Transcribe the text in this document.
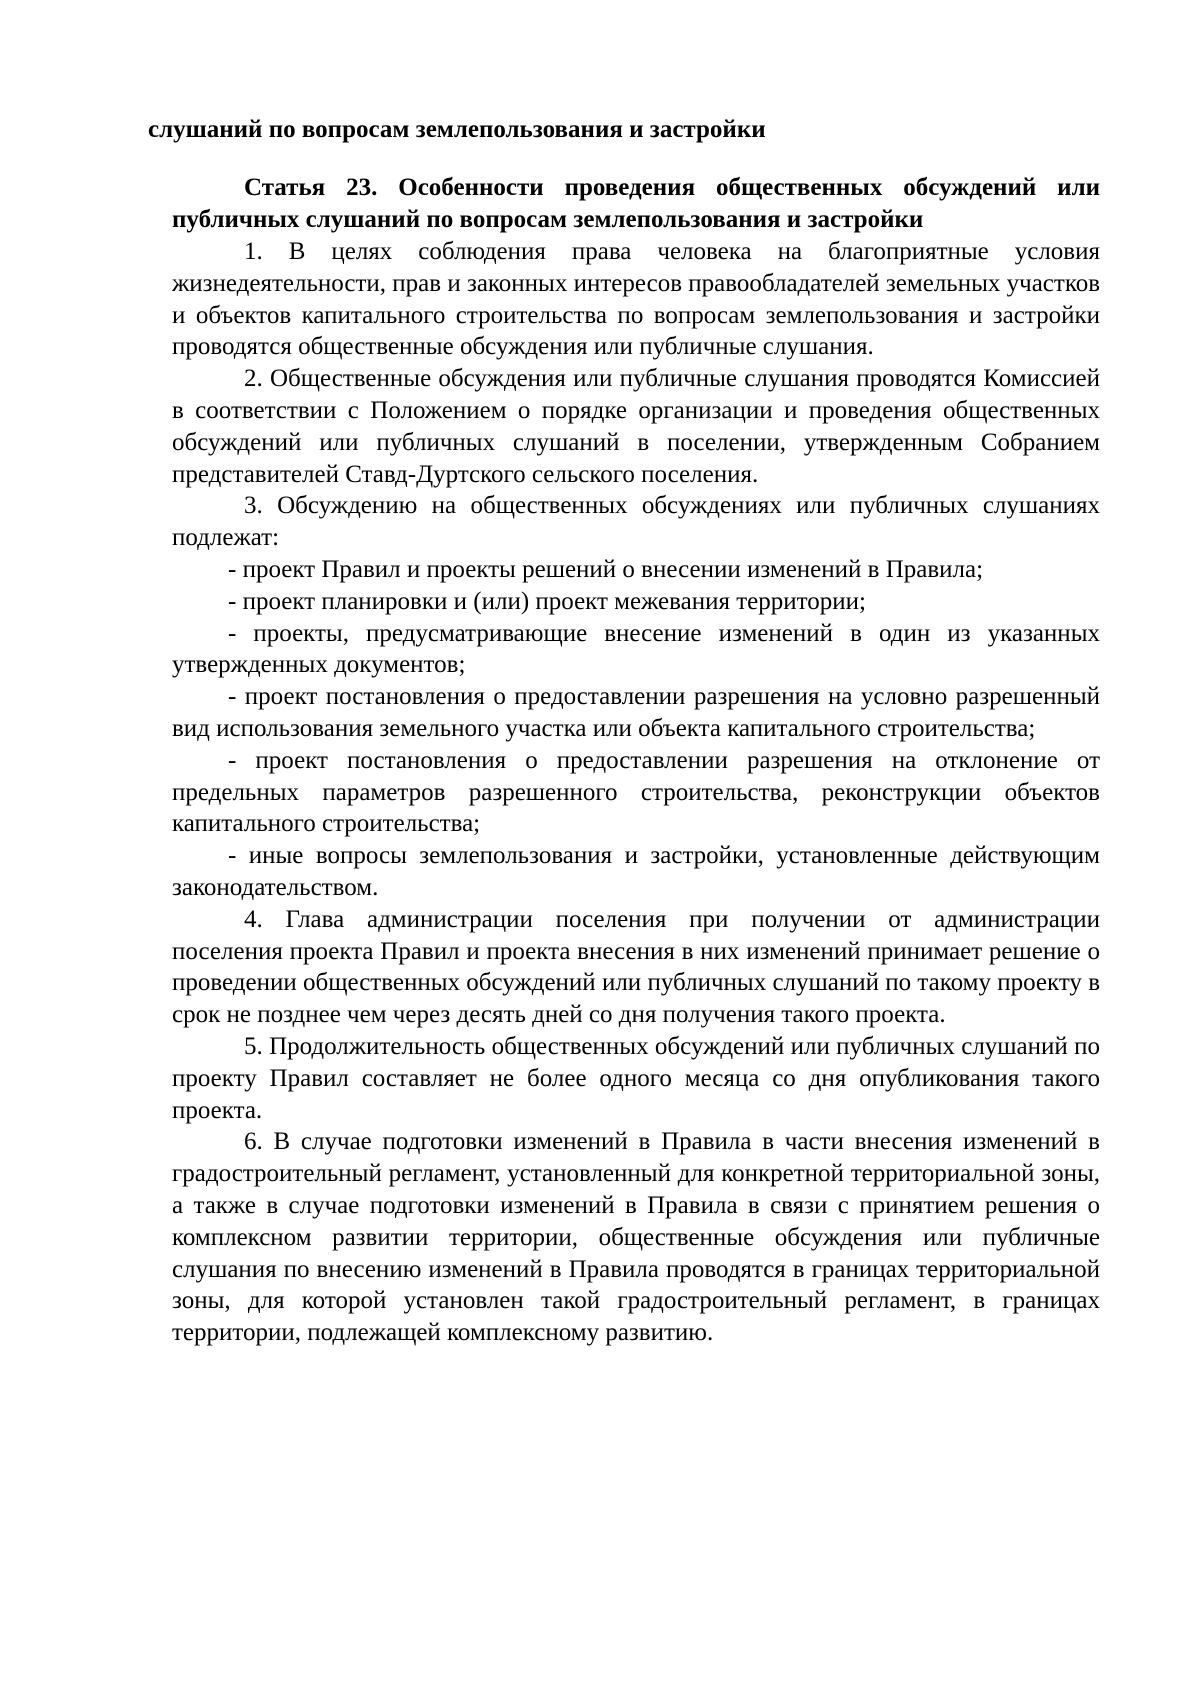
слушаний по вопросам землепользования и застройки

Статья 23. Особенности проведения общественных обсуждений или публичных слушаний по вопросам землепользования и застройки

1. В целях соблюдения права человека на благоприятные условия жизнедеятельности, прав и законных интересов правообладателей земельных участков и объектов капитального строительства по вопросам землепользования и застройки проводятся общественные обсуждения или публичные слушания.

2. Общественные обсуждения или публичные слушания проводятся Комиссией в соответствии с Положением о порядке организации и проведения общественных обсуждений или публичных слушаний в поселении, утвержденным Собранием представителей Ставд-Дуртского сельского поселения.

3. Обсуждению на общественных обсуждениях или публичных слушаниях подлежат:

- проект Правил и проекты решений о внесении изменений в Правила;

- проект планировки и (или) проект межевания территории;

- проекты, предусматривающие внесение изменений в один из указанных утвержденных документов;

- проект постановления о предоставлении разрешения на условно разрешенный вид использования земельного участка или объекта капитального строительства;

- проект постановления о предоставлении разрешения на отклонение от предельных параметров разрешенного строительства, реконструкции объектов капитального строительства;

- иные вопросы землепользования и застройки, установленные действующим законодательством.

4. Глава администрации поселения при получении от администрации поселения проекта Правил и проекта внесения в них изменений принимает решение о проведении общественных обсуждений или публичных слушаний по такому проекту в срок не позднее чем через десять дней со дня получения такого проекта.

5. Продолжительность общественных обсуждений или публичных слушаний по проекту Правил составляет не более одного месяца со дня опубликования такого проекта.

6. В случае подготовки изменений в Правила в части внесения изменений в градостроительный регламент, установленный для конкретной территориальной зоны, а также в случае подготовки изменений в Правила в связи с принятием решения о комплексном развитии территории, общественные обсуждения или публичные слушания по внесению изменений в Правила проводятся в границах территориальной зоны, для которой установлен такой градостроительный регламент, в границах территории, подлежащей комплексному развитию.
